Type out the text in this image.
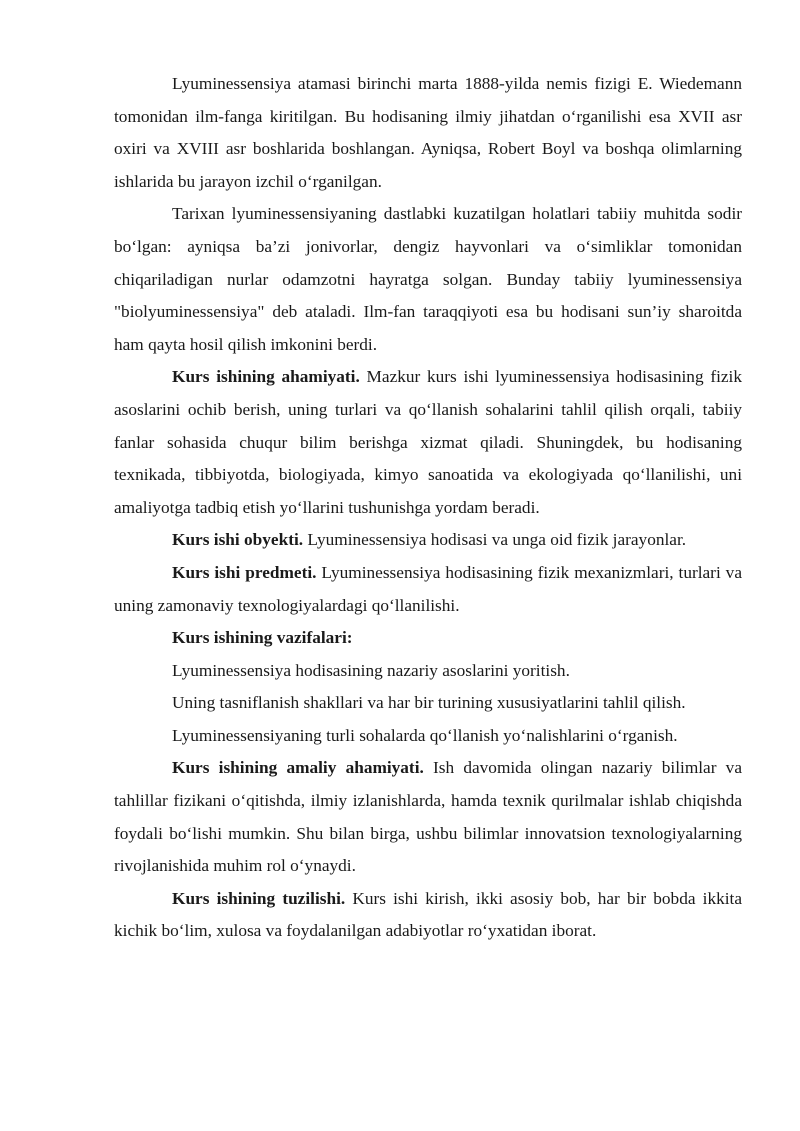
Lyuminessensiya atamasi birinchi marta 1888-yilda nemis fizigi E. Wiedemann tomonidan ilm-fanga kiritilgan. Bu hodisaning ilmiy jihatdan o‘rganilishi esa XVII asr oxiri va XVIII asr boshlarida boshlangan. Ayniqsa, Robert Boyl va boshqa olimlarning ishlarida bu jarayon izchil o‘rganilgan.

Tarixan lyuminessensiyaning dastlabki kuzatilgan holatlari tabiiy muhitda sodir bo‘lgan: ayniqsa ba’zi jonivorlar, dengiz hayvonlari va o‘simliklar tomonidan chiqariladigan nurlar odamzotni hayratga solgan. Bunday tabiiy lyuminessensiya "biolyuminessensiya" deb ataladi. Ilm-fan taraqqiyoti esa bu hodisani sun’iy sharoitda ham qayta hosil qilish imkonini berdi.

Kurs ishining ahamiyati. Mazkur kurs ishi lyuminessensiya hodisasining fizik asoslarini ochib berish, uning turlari va qo‘llanish sohalarini tahlil qilish orqali, tabiiy fanlar sohasida chuqur bilim berishga xizmat qiladi. Shuningdek, bu hodisaning texnikada, tibbiyotda, biologiyada, kimyo sanoatida va ekologiyada qo‘llanilishi, uni amaliyotga tadbiq etish yo‘llarini tushunishga yordam beradi.

Kurs ishi obyekti. Lyuminessensiya hodisasi va unga oid fizik jarayonlar.

Kurs ishi predmeti. Lyuminessensiya hodisasining fizik mexanizmlari, turlari va uning zamonaviy texnologiyalardagi qo‘llanilishi.

Kurs ishining vazifalari:

Lyuminessensiya hodisasining nazariy asoslarini yoritish.

Uning tasniflanish shakllari va har bir turining xususiyatlarini tahlil qilish.

Lyuminessensiyaning turli sohalarda qo‘llanish yo‘nalishlarini o‘rganish.

Kurs ishining amaliy ahamiyati. Ish davomida olingan nazariy bilimlar va tahlillar fizikani o‘qitishda, ilmiy izlanishlarda, hamda texnik qurilmalar ishlab chiqishda foydali bo‘lishi mumkin. Shu bilan birga, ushbu bilimlar innovatsion texnologiyalarning rivojlanishida muhim rol o‘ynaydi.

Kurs ishining tuzilishi. Kurs ishi kirish, ikki asosiy bob, har bir bobda ikkita kichik bo‘lim, xulosa va foydalanilgan adabiyotlar ro‘yxatidan iborat.
